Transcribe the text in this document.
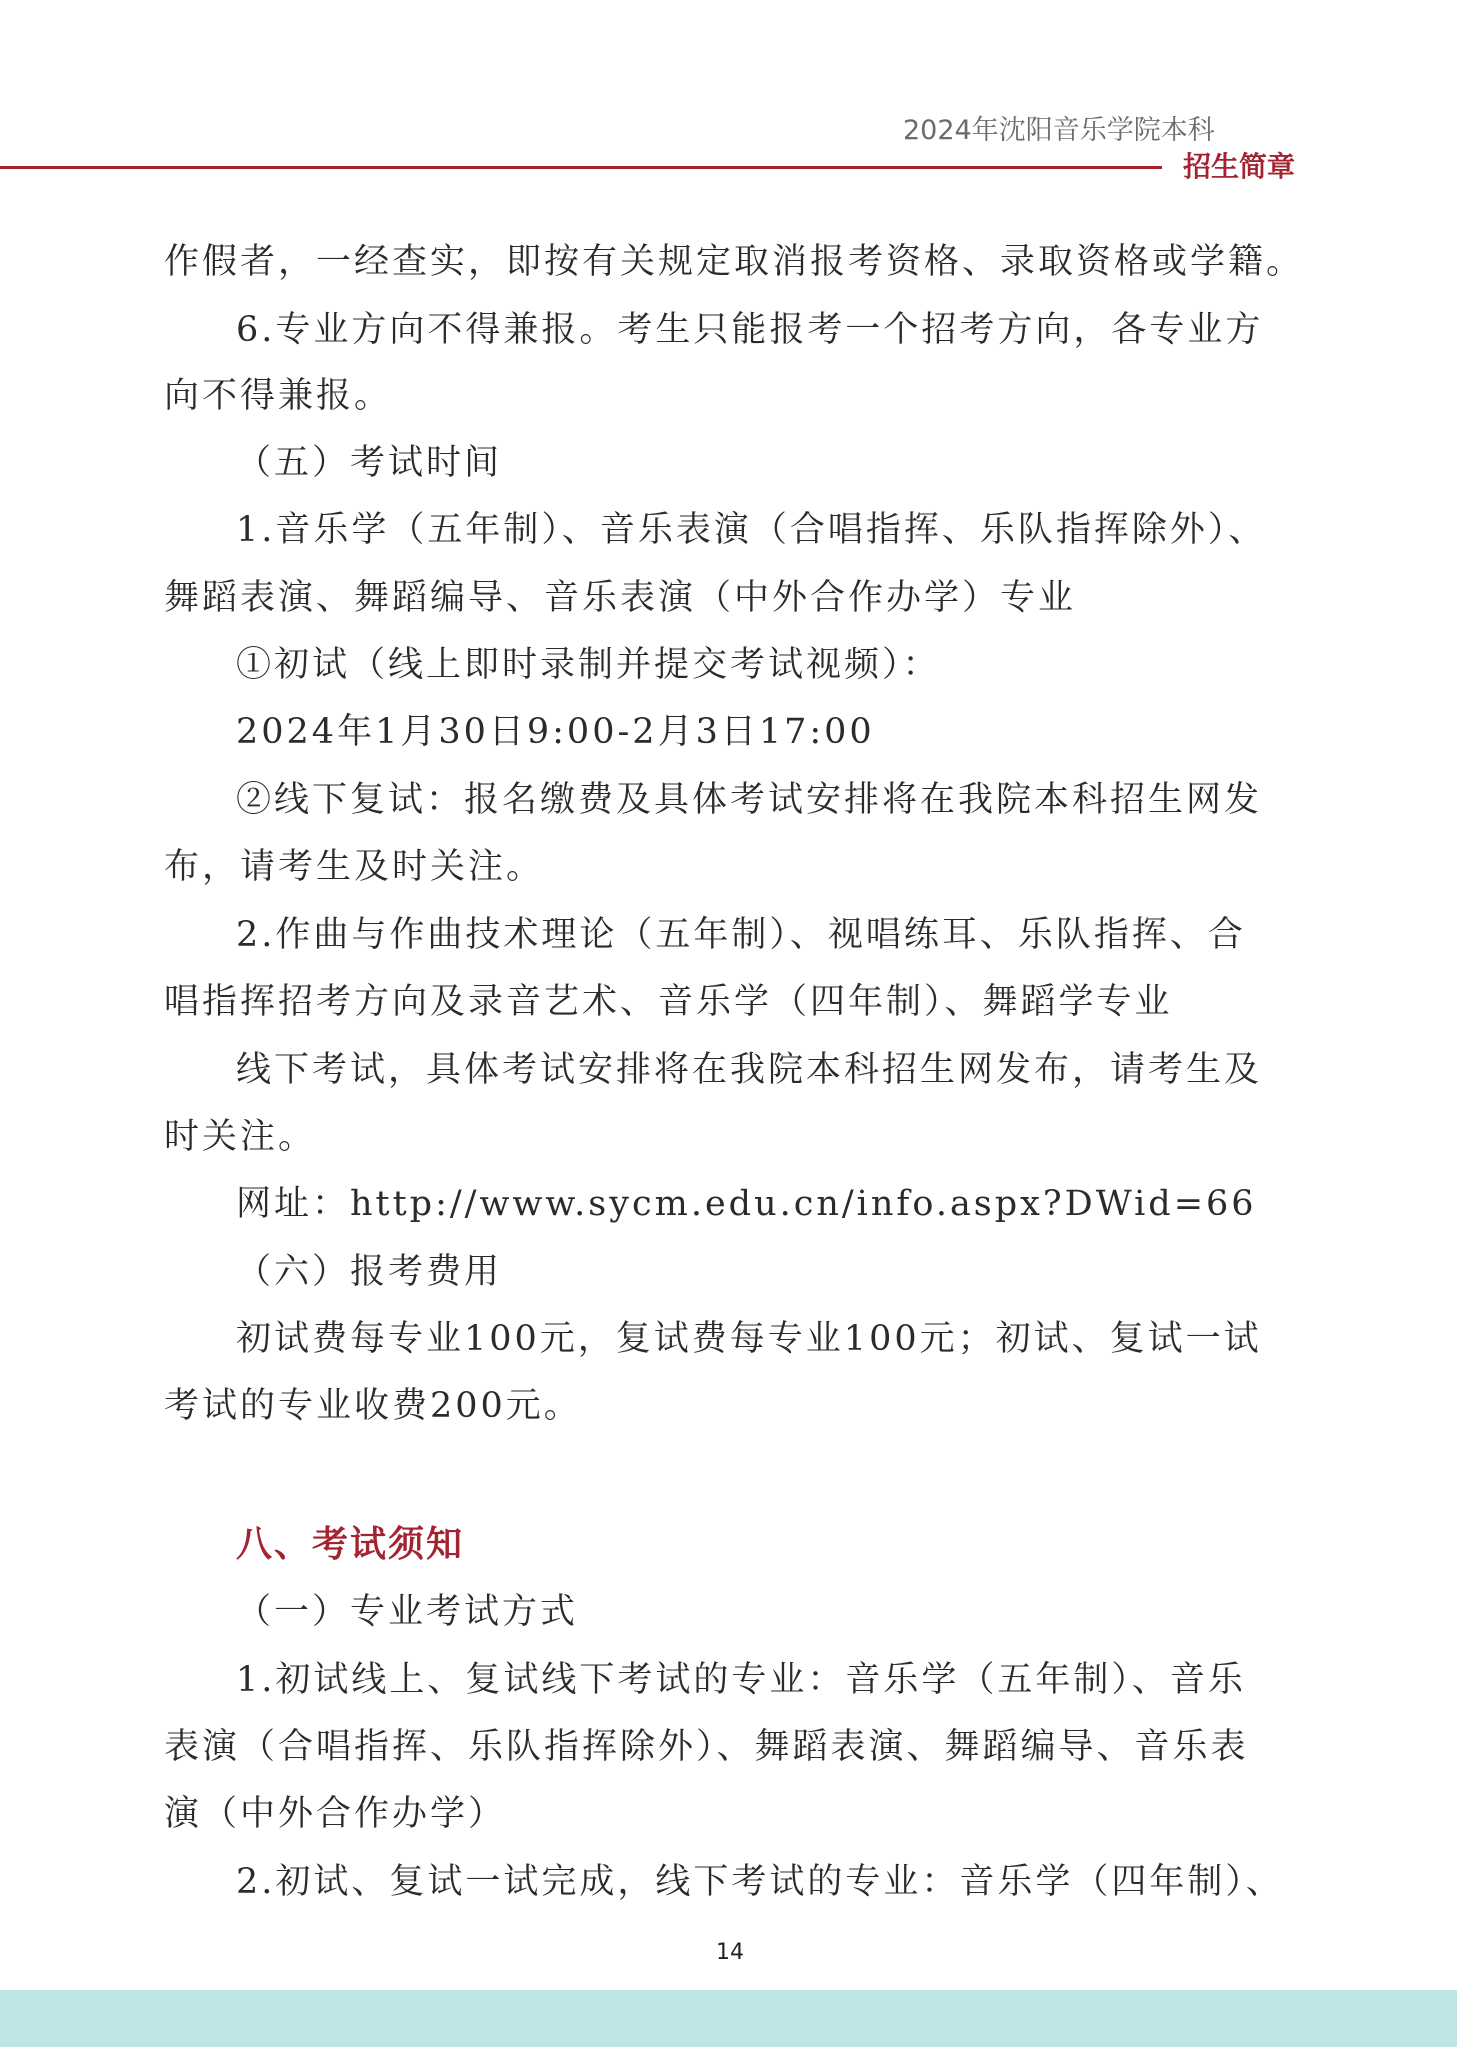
2024年沈阳音乐学院本科
招生简章
作假者，一经查实，即按有关规定取消报考资格、录取资格或学籍。
6.专业方向不得兼报。考生只能报考一个招考方向，各专业方
向不得兼报。
（五）考试时间
1.音乐学（五年制）、音乐表演（合唱指挥、乐队指挥除外）、
舞蹈表演、舞蹈编导、音乐表演（中外合作办学）专业
①初试（线上即时录制并提交考试视频）：
2024年1月30日9:00-2月3日17:00
②线下复试：报名缴费及具体考试安排将在我院本科招生网发
布，请考生及时关注。
2.作曲与作曲技术理论（五年制）、视唱练耳、乐队指挥、合
唱指挥招考方向及录音艺术、音乐学（四年制）、舞蹈学专业
线下考试，具体考试安排将在我院本科招生网发布，请考生及
时关注。
网址：http://www.sycm.edu.cn/info.aspx?DWid=66
（六）报考费用
初试费每专业100元，复试费每专业100元；初试、复试一试
考试的专业收费200元。
八、考试须知
（一）专业考试方式
1.初试线上、复试线下考试的专业：音乐学（五年制）、音乐
表演（合唱指挥、乐队指挥除外）、舞蹈表演、舞蹈编导、音乐表
演（中外合作办学）
2.初试、复试一试完成，线下考试的专业：音乐学（四年制）、
14
